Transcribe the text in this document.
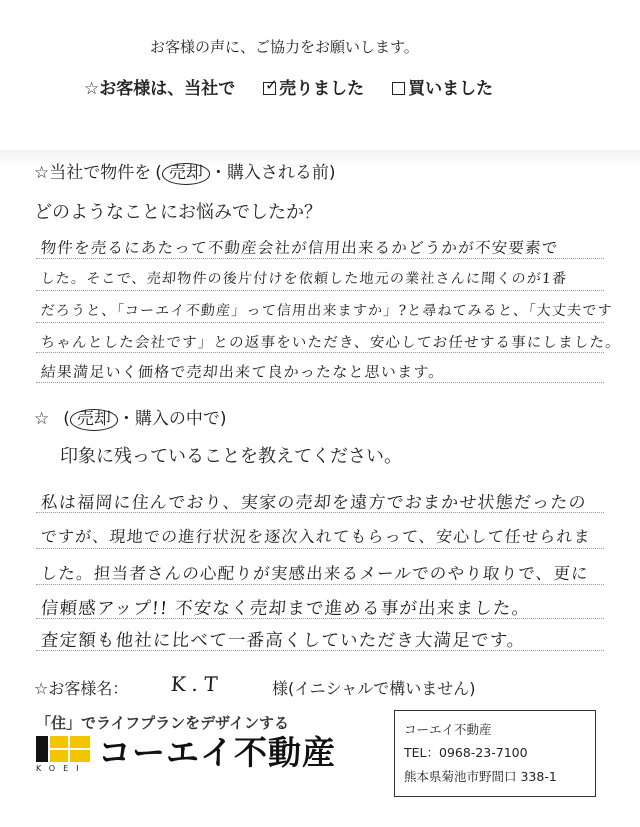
お客様の声に、ご協力をお願いします。
☆お客様は、当社で ✓ 売りました	買いました
☆当社で物件を ( 売却 ・購入される前)
どのようなことにお悩みでしたか？
物件を売るにあたって不動産会社が信用出来るかどうかが不安要素で
した。そこで、売却物件の後片付けを依頼した地元の業社さんに聞くのが1番
だろうと、「コーエイ不動産」って信用出来ますか」?と尋ねてみると、「大丈夫です
ちゃんとした会社です」との返事をいただき、安心してお任せする事にしました。
結果満足いく価格で売却出来て良かったなと思います。
☆ ( 売却 ・購入の中で)
印象に残っていることを教えてください。
私は福岡に住んでおり、実家の売却を遠方でおまかせ状態だったの
ですが、現地での進行状況を逐次入れてもらって、安心して任せられま
した。担当者さんの心配りが実感出来るメールでのやり取りで、更に
信頼感アップ!! 不安なく売却まで進める事が出来ました。
査定額も他社に比べて一番高くしていただき大満足です。
☆お客様名： K.T	様(イニシャルで構いません)
「住」でライフプランをデザインする
KOEI コーエイ不動産
コーエイ不動産
TEL：0968-23-7100
熊本県菊池市野間口 338-1
